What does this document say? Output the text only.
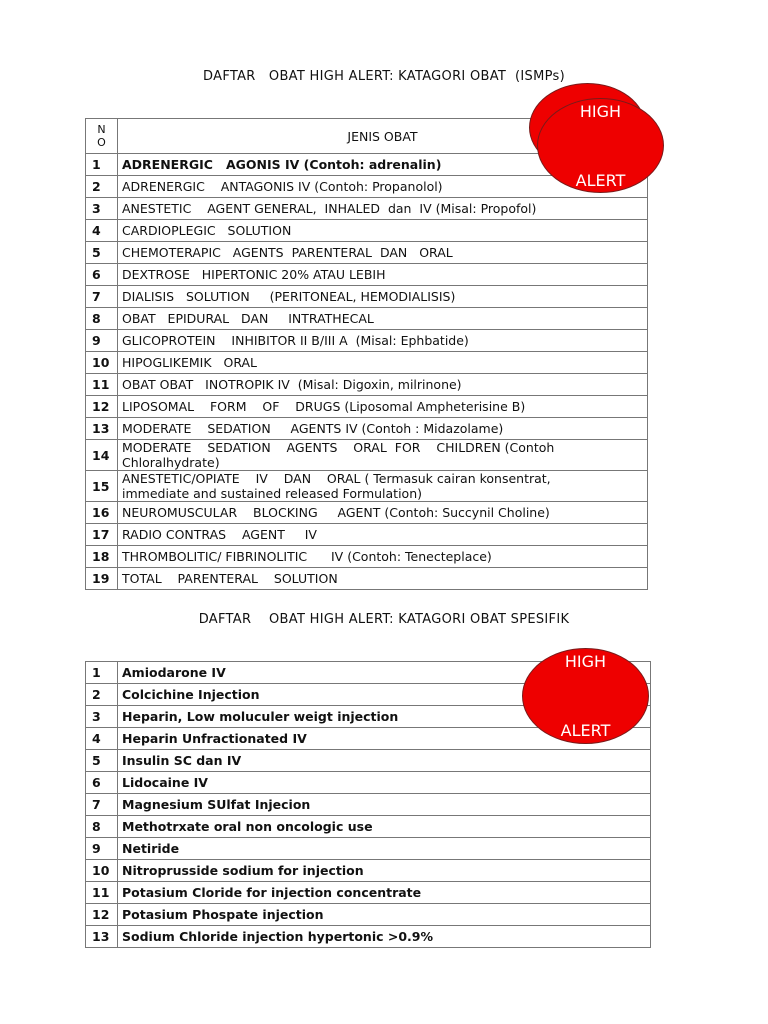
DAFTAR   OBAT HIGH ALERT: KATAGORI OBAT  (ISMPs)
N
O	JENIS OBAT
1	ADRENERGIC   AGONIS IV (Contoh: adrenalin)
2	ADRENERGIC    ANTAGONIS IV (Contoh: Propanolol)
3	ANESTETIC    AGENT GENERAL,  INHALED  dan  IV (Misal: Propofol)
4	CARDIOPLEGIC   SOLUTION
5	CHEMOTERAPIC   AGENTS  PARENTERAL  DAN   ORAL
6	DEXTROSE   HIPERTONIC 20% ATAU LEBIH
7	DIALISIS   SOLUTION     (PERITONEAL, HEMODIALISIS)
8	OBAT   EPIDURAL   DAN     INTRATHECAL
9	GLICOPROTEIN    INHIBITOR II B/III A  (Misal: Ephbatide)
10	HIPOGLIKEMIK   ORAL
11	OBAT OBAT   INOTROPIK IV  (Misal: Digoxin, milrinone)
12	LIPOSOMAL    FORM    OF    DRUGS (Liposomal Ampheterisine B)
13	MODERATE    SEDATION     AGENTS IV (Contoh : Midazolame)
14	MODERATE    SEDATION    AGENTS    ORAL  FOR    CHILDREN (Contoh
Chloralhydrate)
15	ANESTETIC/OPIATE    IV    DAN    ORAL ( Termasuk cairan konsentrat,
immediate and sustained released Formulation)
16	NEUROMUSCULAR    BLOCKING     AGENT (Contoh: Succynil Choline)
17	RADIO CONTRAS    AGENT     IV
18	THROMBOLITIC/ FIBRINOLITIC      IV (Contoh: Tenecteplace)
19	TOTAL    PARENTERAL    SOLUTION
DAFTAR    OBAT HIGH ALERT: KATAGORI OBAT SPESIFIK
1	Amiodarone IV
2	Colcichine Injection
3	Heparin, Low moluculer weigt injection
4	Heparin Unfractionated IV
5	Insulin SC dan IV
6	Lidocaine IV
7	Magnesium SUlfat Injecion
8	Methotrxate oral non oncologic use
9	Netiride
10	Nitroprusside sodium for injection
11	Potasium Cloride for injection concentrate
12	Potasium Phospate injection
13	Sodium Chloride injection hypertonic >0.9%

HIGH

ALERT

HIGH

ALERT
